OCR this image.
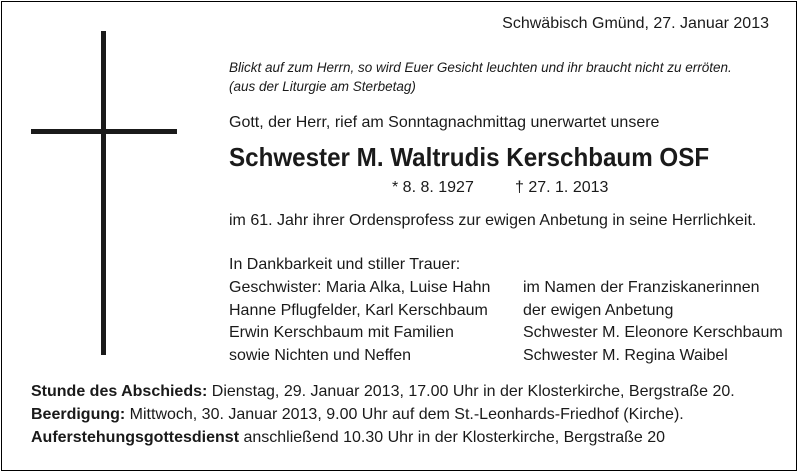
Schwäbisch Gmünd, 27. Januar 2013
Blickt auf zum Herrn, so wird Euer Gesicht leuchten und ihr braucht nicht zu erröten.
(aus der Liturgie am Sterbetag)
Gott, der Herr, rief am Sonntagnachmittag unerwartet unsere
Schwester M. Waltrudis Kerschbaum OSF
* 8. 8. 1927	† 27. 1. 2013
im 61. Jahr ihrer Ordensprofess zur ewigen Anbetung in seine Herrlichkeit.
In Dankbarkeit und stiller Trauer:
Geschwister: Maria Alka, Luise Hahn
Hanne Pflugfelder, Karl Kerschbaum
Erwin Kerschbaum mit Familien
sowie Nichten und Neffen
im Namen der Franziskanerinnen
der ewigen Anbetung
Schwester M. Eleonore Kerschbaum
Schwester M. Regina Waibel
Stunde des Abschieds: Dienstag, 29. Januar 2013, 17.00 Uhr in der Klosterkirche, Bergstraße 20.
Beerdigung: Mittwoch, 30. Januar 2013, 9.00 Uhr auf dem St.-Leonhards-Friedhof (Kirche).
Auferstehungsgottesdienst anschließend 10.30 Uhr in der Klosterkirche, Bergstraße 20
